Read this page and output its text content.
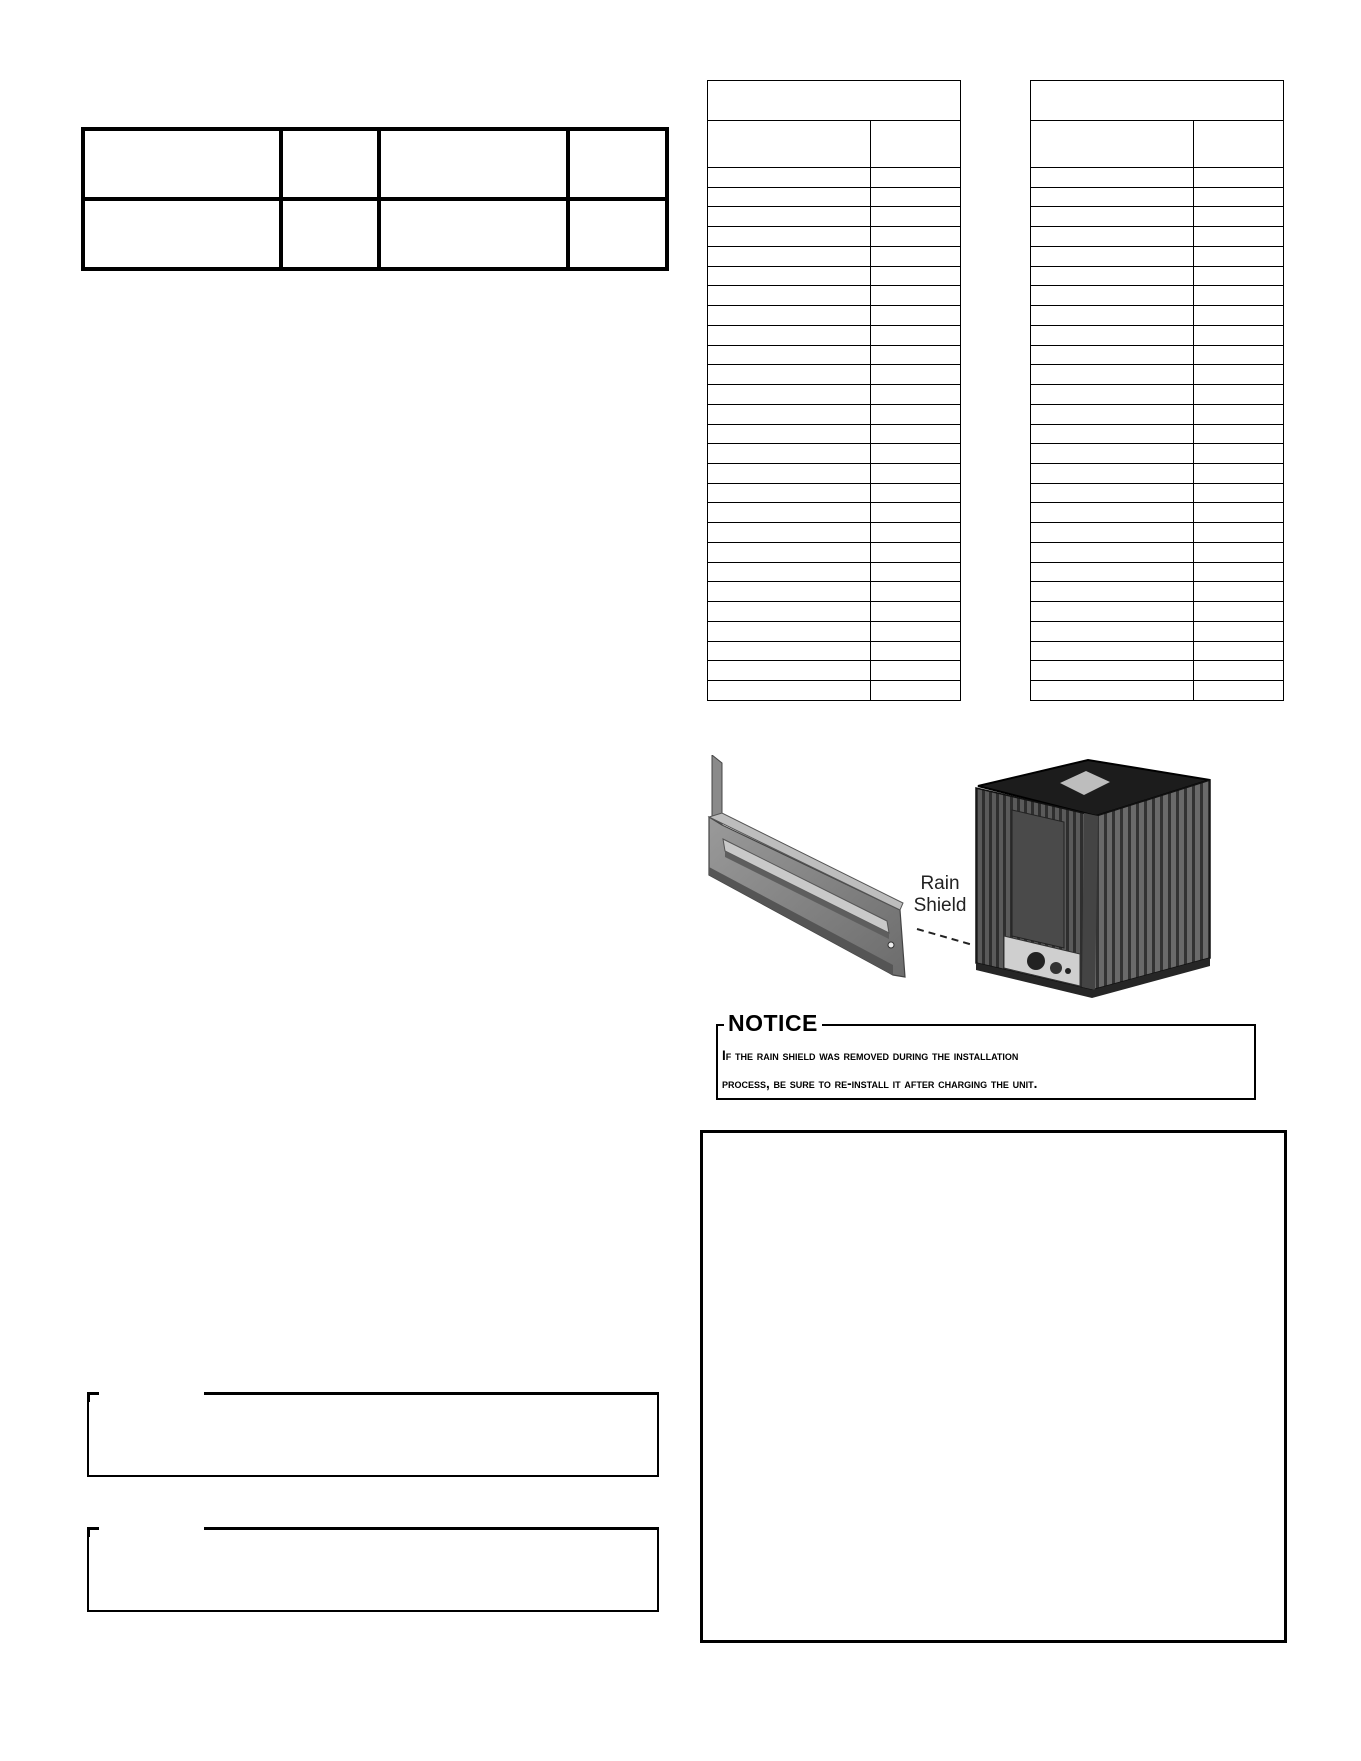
Rain
Shield
NOTICE
If the rain shield was removed during the installation
process, be sure to re-install it after charging the unit.
